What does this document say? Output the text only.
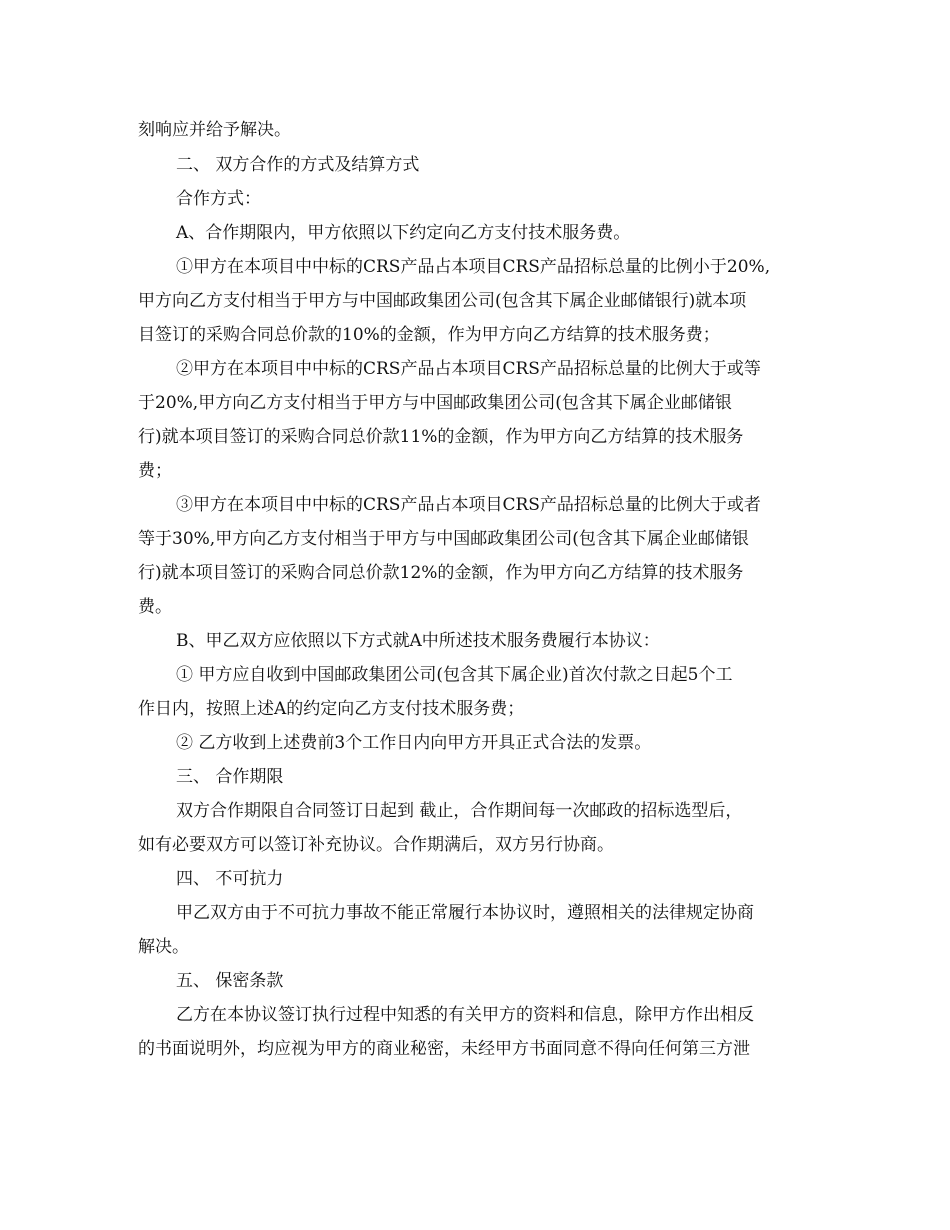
刻响应并给予解决。
二、 双方合作的方式及结算方式
合作方式：
A、合作期限内，甲方依照以下约定向乙方支付技术服务费。
①甲方在本项目中中标的CRS产品占本项目CRS产品招标总量的比例小于20%,
甲方向乙方支付相当于甲方与中国邮政集团公司(包含其下属企业邮储银行)就本项
目签订的采购合同总价款的10%的金额，作为甲方向乙方结算的技术服务费；
②甲方在本项目中中标的CRS产品占本项目CRS产品招标总量的比例大于或等
于20%,甲方向乙方支付相当于甲方与中国邮政集团公司(包含其下属企业邮储银
行)就本项目签订的采购合同总价款11%的金额，作为甲方向乙方结算的技术服务
费；
③甲方在本项目中中标的CRS产品占本项目CRS产品招标总量的比例大于或者
等于30%,甲方向乙方支付相当于甲方与中国邮政集团公司(包含其下属企业邮储银
行)就本项目签订的采购合同总价款12%的金额，作为甲方向乙方结算的技术服务
费。
B、甲乙双方应依照以下方式就A中所述技术服务费履行本协议：
① 甲方应自收到中国邮政集团公司(包含其下属企业)首次付款之日起5个工
作日内，按照上述A的约定向乙方支付技术服务费；
② 乙方收到上述费前3个工作日内向甲方开具正式合法的发票。
三、 合作期限
双方合作期限自合同签订日起到 截止，合作期间每一次邮政的招标选型后，
如有必要双方可以签订补充协议。合作期满后，双方另行协商。
四、 不可抗力
甲乙双方由于不可抗力事故不能正常履行本协议时，遵照相关的法律规定协商
解决。
五、 保密条款
乙方在本协议签订执行过程中知悉的有关甲方的资料和信息，除甲方作出相反
的书面说明外，均应视为甲方的商业秘密，未经甲方书面同意不得向任何第三方泄
